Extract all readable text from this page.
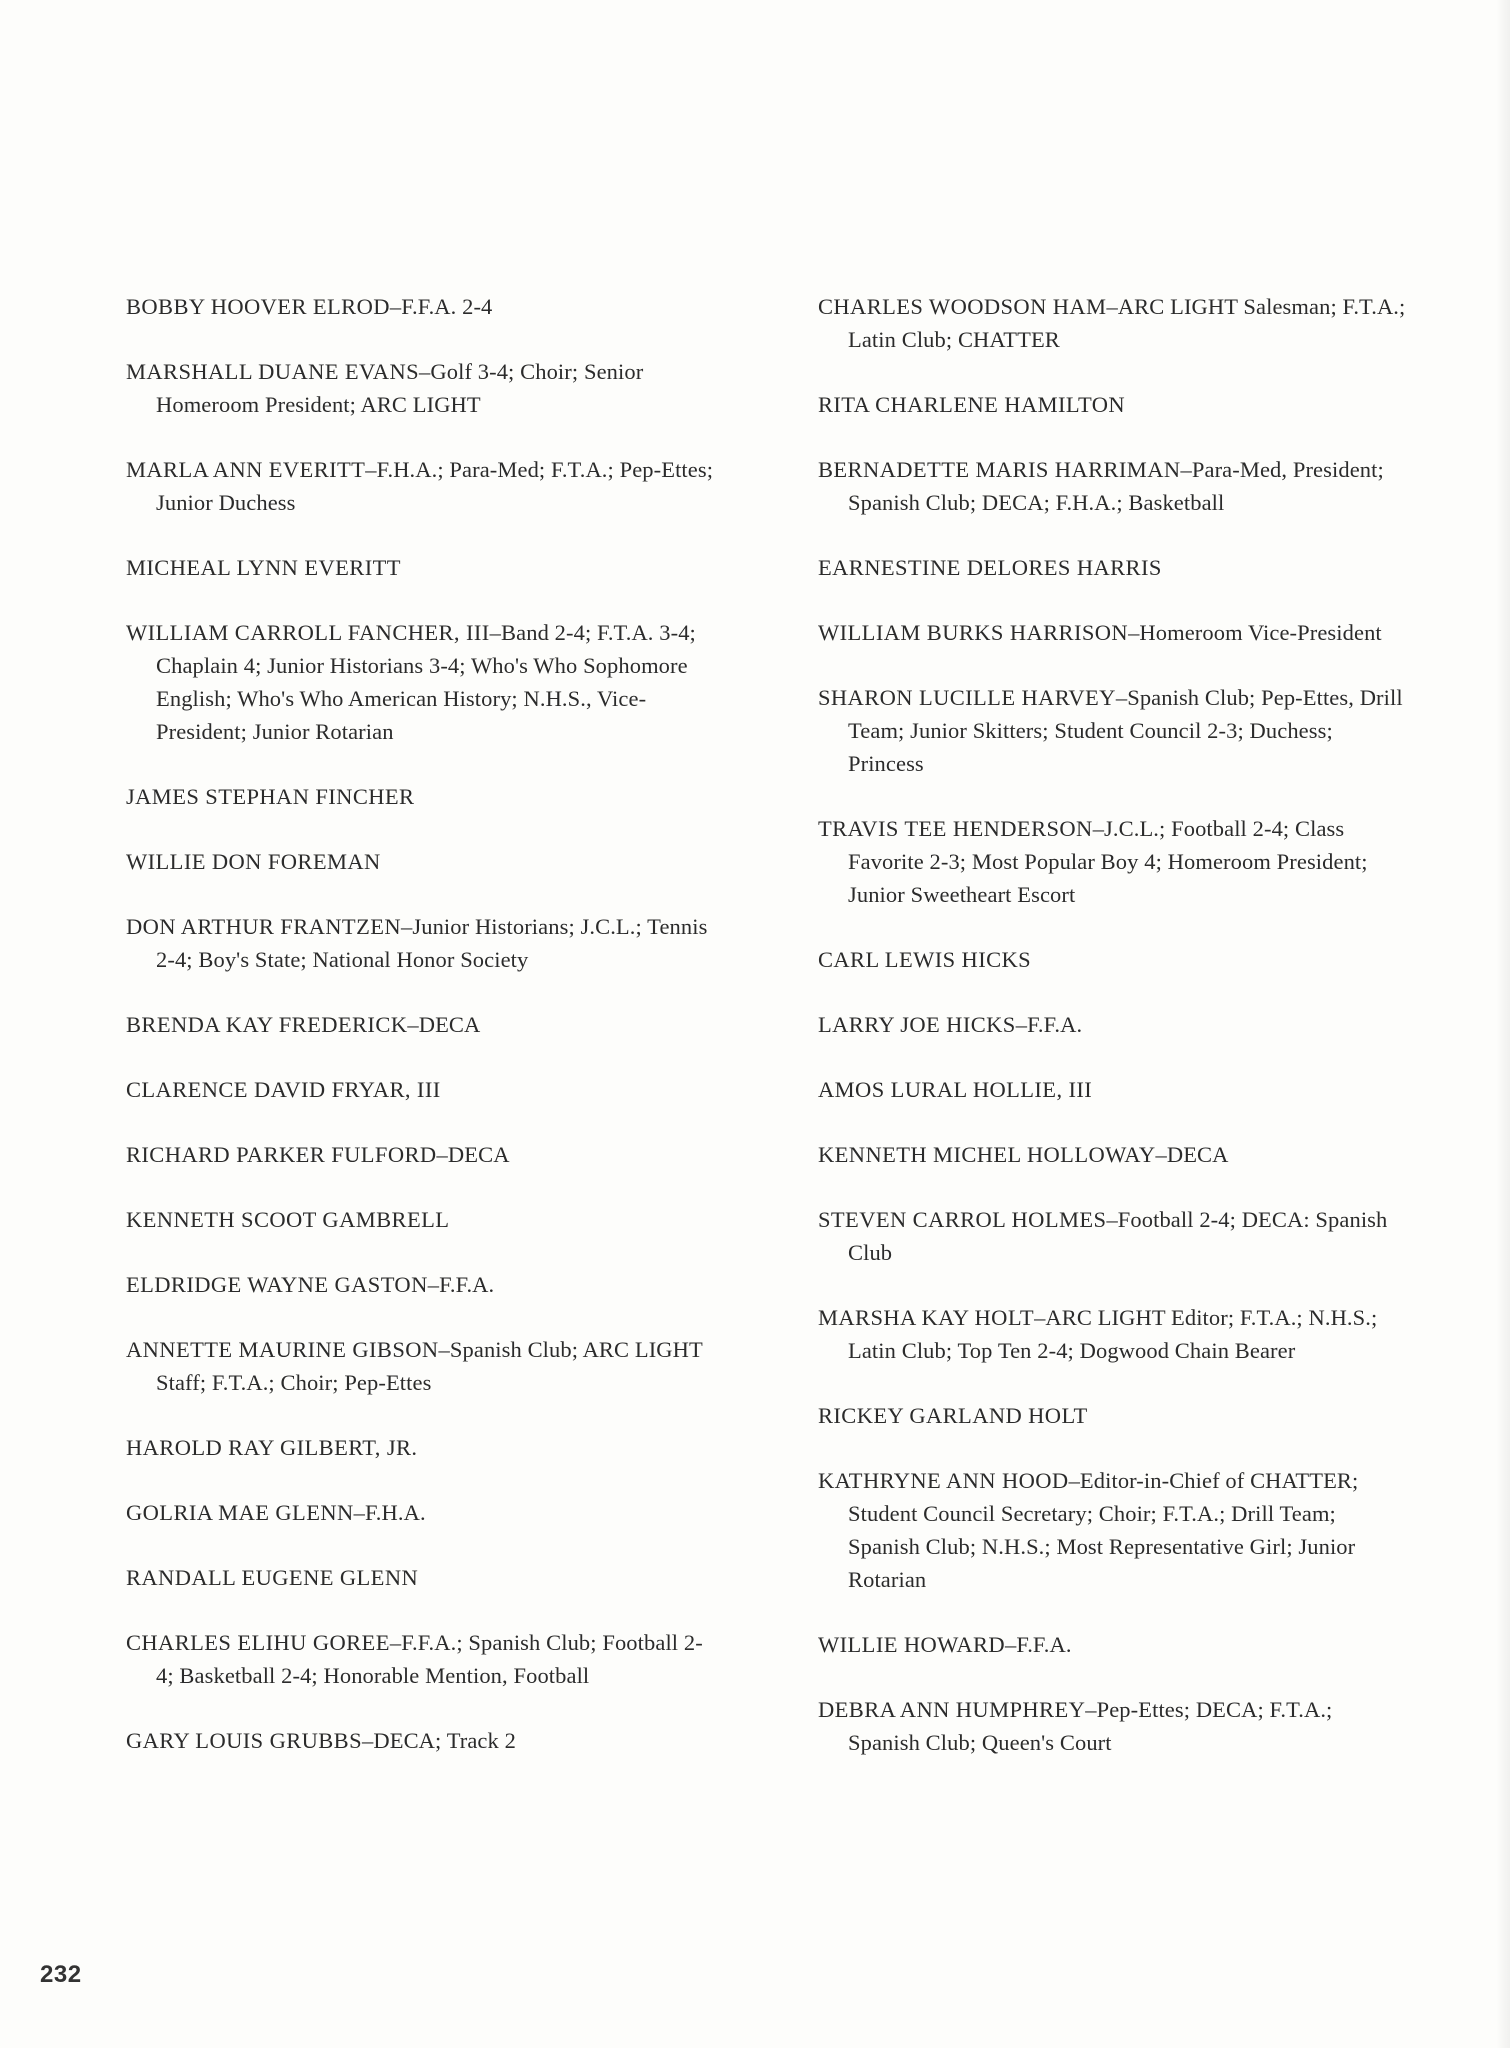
BOBBY HOOVER ELROD–F.F.A. 2-4

MARSHALL DUANE EVANS–Golf 3-4; Choir; Senior Homeroom President; ARC LIGHT

MARLA ANN EVERITT–F.H.A.; Para-Med; F.T.A.; Pep-Ettes; Junior Duchess

MICHEAL LYNN EVERITT

WILLIAM CARROLL FANCHER, III–Band 2-4; F.T.A. 3-4; Chaplain 4; Junior Historians 3-4; Who's Who Sophomore English; Who's Who American History; N.H.S., Vice-President; Junior Rotarian

JAMES STEPHAN FINCHER

WILLIE DON FOREMAN

DON ARTHUR FRANTZEN–Junior Historians; J.C.L.; Tennis 2-4; Boy's State; National Honor Society

BRENDA KAY FREDERICK–DECA

CLARENCE DAVID FRYAR, III

RICHARD PARKER FULFORD–DECA

KENNETH SCOOT GAMBRELL

ELDRIDGE WAYNE GASTON–F.F.A.

ANNETTE MAURINE GIBSON–Spanish Club; ARC LIGHT Staff; F.T.A.; Choir; Pep-Ettes

HAROLD RAY GILBERT, JR.

GOLRIA MAE GLENN–F.H.A.

RANDALL EUGENE GLENN

CHARLES ELIHU GOREE–F.F.A.; Spanish Club; Football 2-4; Basketball 2-4; Honorable Mention, Football

GARY LOUIS GRUBBS–DECA; Track 2

CHARLES WOODSON HAM–ARC LIGHT Salesman; F.T.A.; Latin Club; CHATTER

RITA CHARLENE HAMILTON

BERNADETTE MARIS HARRIMAN–Para-Med, President; Spanish Club; DECA; F.H.A.; Basketball

EARNESTINE DELORES HARRIS

WILLIAM BURKS HARRISON–Homeroom Vice-President

SHARON LUCILLE HARVEY–Spanish Club; Pep-Ettes, Drill Team; Junior Skitters; Student Council 2-3; Duchess; Princess

TRAVIS TEE HENDERSON–J.C.L.; Football 2-4; Class Favorite 2-3; Most Popular Boy 4; Homeroom President; Junior Sweetheart Escort

CARL LEWIS HICKS

LARRY JOE HICKS–F.F.A.

AMOS LURAL HOLLIE, III

KENNETH MICHEL HOLLOWAY–DECA

STEVEN CARROL HOLMES–Football 2-4; DECA: Spanish Club

MARSHA KAY HOLT–ARC LIGHT Editor; F.T.A.; N.H.S.; Latin Club; Top Ten 2-4; Dogwood Chain Bearer

RICKEY GARLAND HOLT

KATHRYNE ANN HOOD–Editor-in-Chief of CHATTER; Student Council Secretary; Choir; F.T.A.; Drill Team; Spanish Club; N.H.S.; Most Representative Girl; Junior Rotarian

WILLIE HOWARD–F.F.A.

DEBRA ANN HUMPHREY–Pep-Ettes; DECA; F.T.A.; Spanish Club; Queen's Court

232
